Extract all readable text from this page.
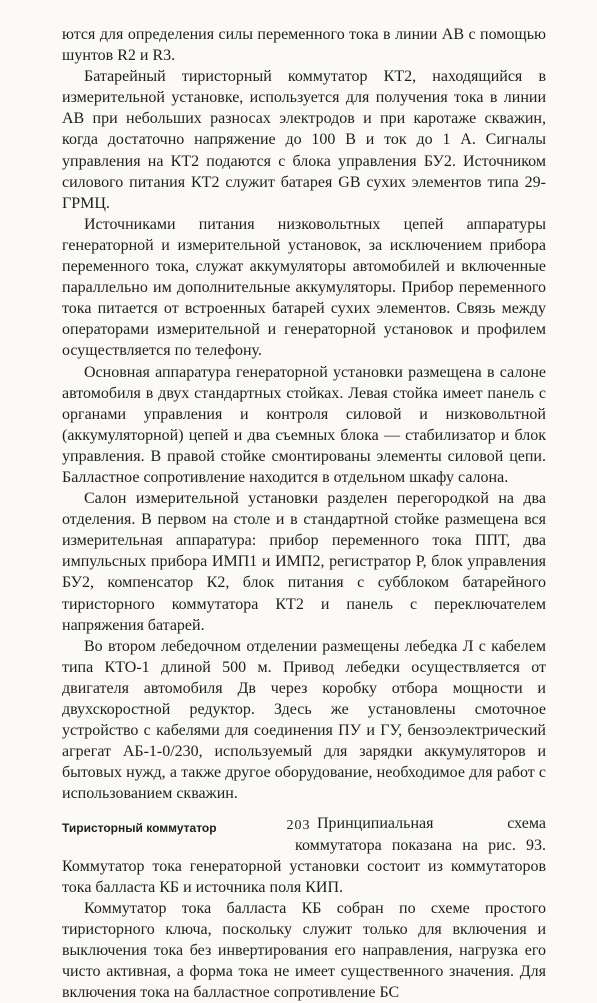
ются для определения силы переменного тока в линии AB с помощью шунтов R2 и R3.

Батарейный тиристорный коммутатор КТ2, находящийся в измерительной установке, используется для получения тока в линии AB при небольших разносах электродов и при каротаже скважин, когда достаточно напряжение до 100 В и ток до 1 А. Сигналы управления на КТ2 подаются с блока управления БУ2. Источником силового питания КТ2 служит батарея GB сухих элементов типа 29-ГРМЦ.

Источниками питания низковольтных цепей аппаратуры генераторной и измерительной установок, за исключением прибора переменного тока, служат аккумуляторы автомобилей и включенные параллельно им дополнительные аккумуляторы. Прибор переменного тока питается от встроенных батарей сухих элементов. Связь между операторами измерительной и генераторной установок и профилем осуществляется по телефону.

Основная аппаратура генераторной установки размещена в салоне автомобиля в двух стандартных стойках. Левая стойка имеет панель с органами управления и контроля силовой и низковольтной (аккумуляторной) цепей и два съемных блока — стабилизатор и блок управления. В правой стойке смонтированы элементы силовой цепи. Балластное сопротивление находится в отдельном шкафу салона.

Салон измерительной установки разделен перегородкой на два отделения. В первом на столе и в стандартной стойке размещена вся измерительная аппаратура: прибор переменного тока ППТ, два импульсных прибора ИМП1 и ИМП2, регистратор Р, блок управления БУ2, компенсатор К2, блок питания с субблоком батарейного тиристорного коммутатора КТ2 и панель с переключателем напряжения батарей.

Во втором лебедочном отделении размещены лебедка Л с кабелем типа КТО-1 длиной 500 м. Привод лебедки осуществляется от двигателя автомобиля Дв через коробку отбора мощности и двухскоростной редуктор. Здесь же установлены смоточное устройство с кабелями для соединения ПУ и ГУ, бензоэлектрический агрегат АБ-1-0/230, используемый для зарядки аккумуляторов и бытовых нужд, а также другое оборудование, необходимое для работ с использованием скважин.

Тиристорный коммутатор	Принципиальная схема коммутатора показана на рис. 93. Коммутатор тока генераторной установки состоит из коммутаторов тока балласта КБ и источника поля КИП.

Коммутатор тока балласта КБ собран по схеме простого тиристорного ключа, поскольку служит только для включения и выключения тока без инвертирования его направления, нагрузка его чисто активная, а форма тока не имеет существенного значения. Для включения тока на балластное сопротивление БС

203
